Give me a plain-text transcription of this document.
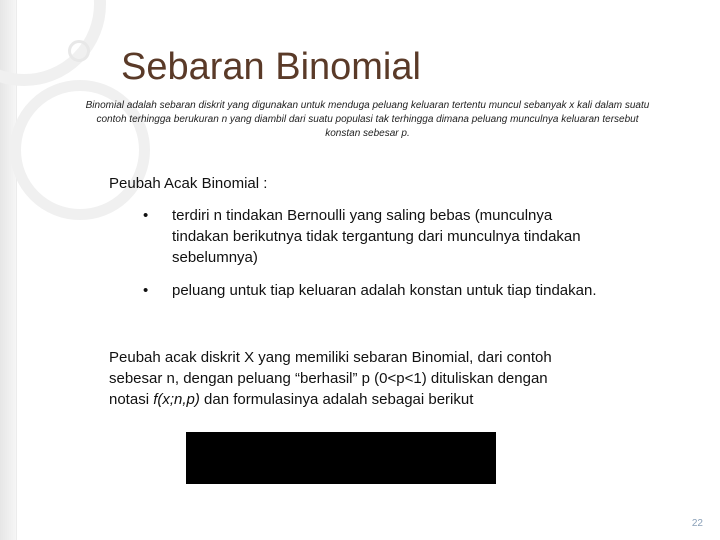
Sebaran Binomial

Binomial adalah sebaran diskrit yang digunakan untuk menduga peluang keluaran tertentu muncul sebanyak x kali dalam suatu contoh terhingga berukuran n yang diambil dari suatu populasi tak terhingga dimana peluang munculnya keluaran tersebut konstan sebesar p.

Peubah Acak Binomial :

• terdiri n tindakan Bernoulli yang saling bebas (munculnya tindakan berikutnya tidak tergantung dari munculnya tindakan sebelumnya)
• peluang untuk tiap keluaran adalah konstan untuk tiap tindakan.

Peubah acak diskrit X yang memiliki sebaran Binomial, dari contoh sebesar n, dengan peluang “berhasil” p (0<p<1) dituliskan dengan notasi f(x;n,p) dan formulasinya adalah sebagai berikut

22
